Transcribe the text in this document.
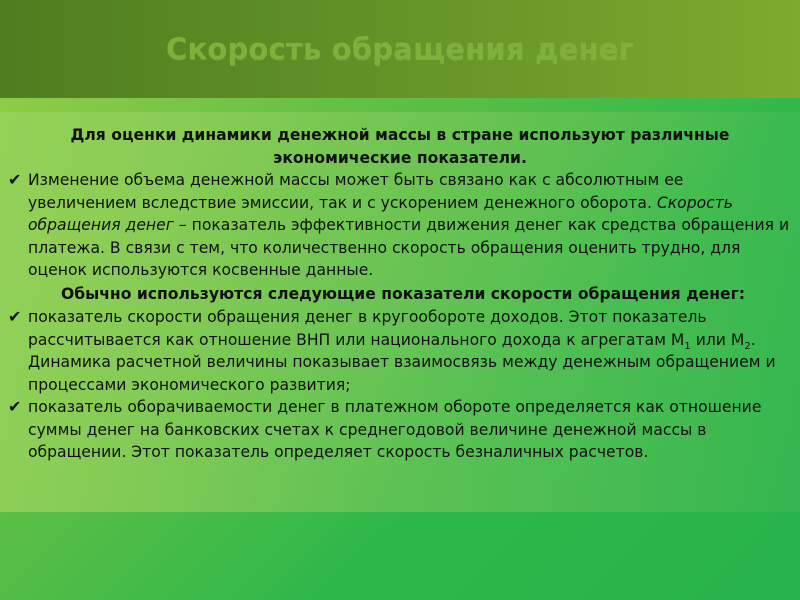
Скорость обращения денег

Для оценки динамики денежной массы в стране используют различные экономические показатели.

✔ Изменение объема денежной массы может быть связано как с абсолютным ее увеличением вследствие эмиссии, так и с ускорением денежного оборота. Скорость обращения денег – показатель эффективности движения денег как средства обращения и платежа. В связи с тем, что количественно скорость обращения оценить трудно, для оценок используются косвенные данные.

Обычно используются следующие показатели скорости обращения денег:

✔ показатель скорости обращения денег в кругообороте доходов. Этот показатель рассчитывается как отношение ВНП или национального дохода к агрегатам $М_1$ или $М_2$. Динамика расчетной величины показывает взаимосвязь между денежным обращением и процессами экономического развития;

✔ показатель оборачиваемости денег в платежном обороте определяется как отношение суммы денег на банковских счетах к среднегодовой величине денежной массы в обращении. Этот показатель определяет скорость безналичных расчетов.
